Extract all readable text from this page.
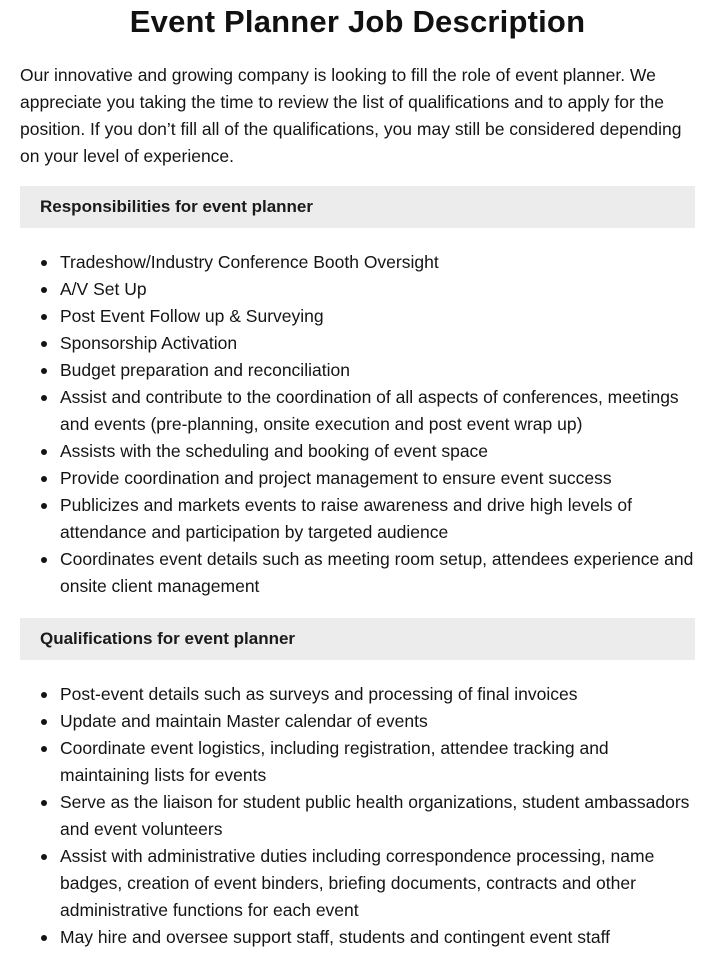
Event Planner Job Description

Our innovative and growing company is looking to fill the role of event planner. We appreciate you taking the time to review the list of qualifications and to apply for the position. If you don’t fill all of the qualifications, you may still be considered depending on your level of experience.

Responsibilities for event planner
Tradeshow/Industry Conference Booth Oversight
A/V Set Up
Post Event Follow up & Surveying
Sponsorship Activation
Budget preparation and reconciliation
Assist and contribute to the coordination of all aspects of conferences, meetings and events (pre-planning, onsite execution and post event wrap up)
Assists with the scheduling and booking of event space
Provide coordination and project management to ensure event success
Publicizes and markets events to raise awareness and drive high levels of attendance and participation by targeted audience
Coordinates event details such as meeting room setup, attendees experience and onsite client management
Qualifications for event planner
Post-event details such as surveys and processing of final invoices
Update and maintain Master calendar of events
Coordinate event logistics, including registration, attendee tracking and maintaining lists for events
Serve as the liaison for student public health organizations, student ambassadors and event volunteers
Assist with administrative duties including correspondence processing, name badges, creation of event binders, briefing documents, contracts and other administrative functions for each event
May hire and oversee support staff, students and contingent event staff
